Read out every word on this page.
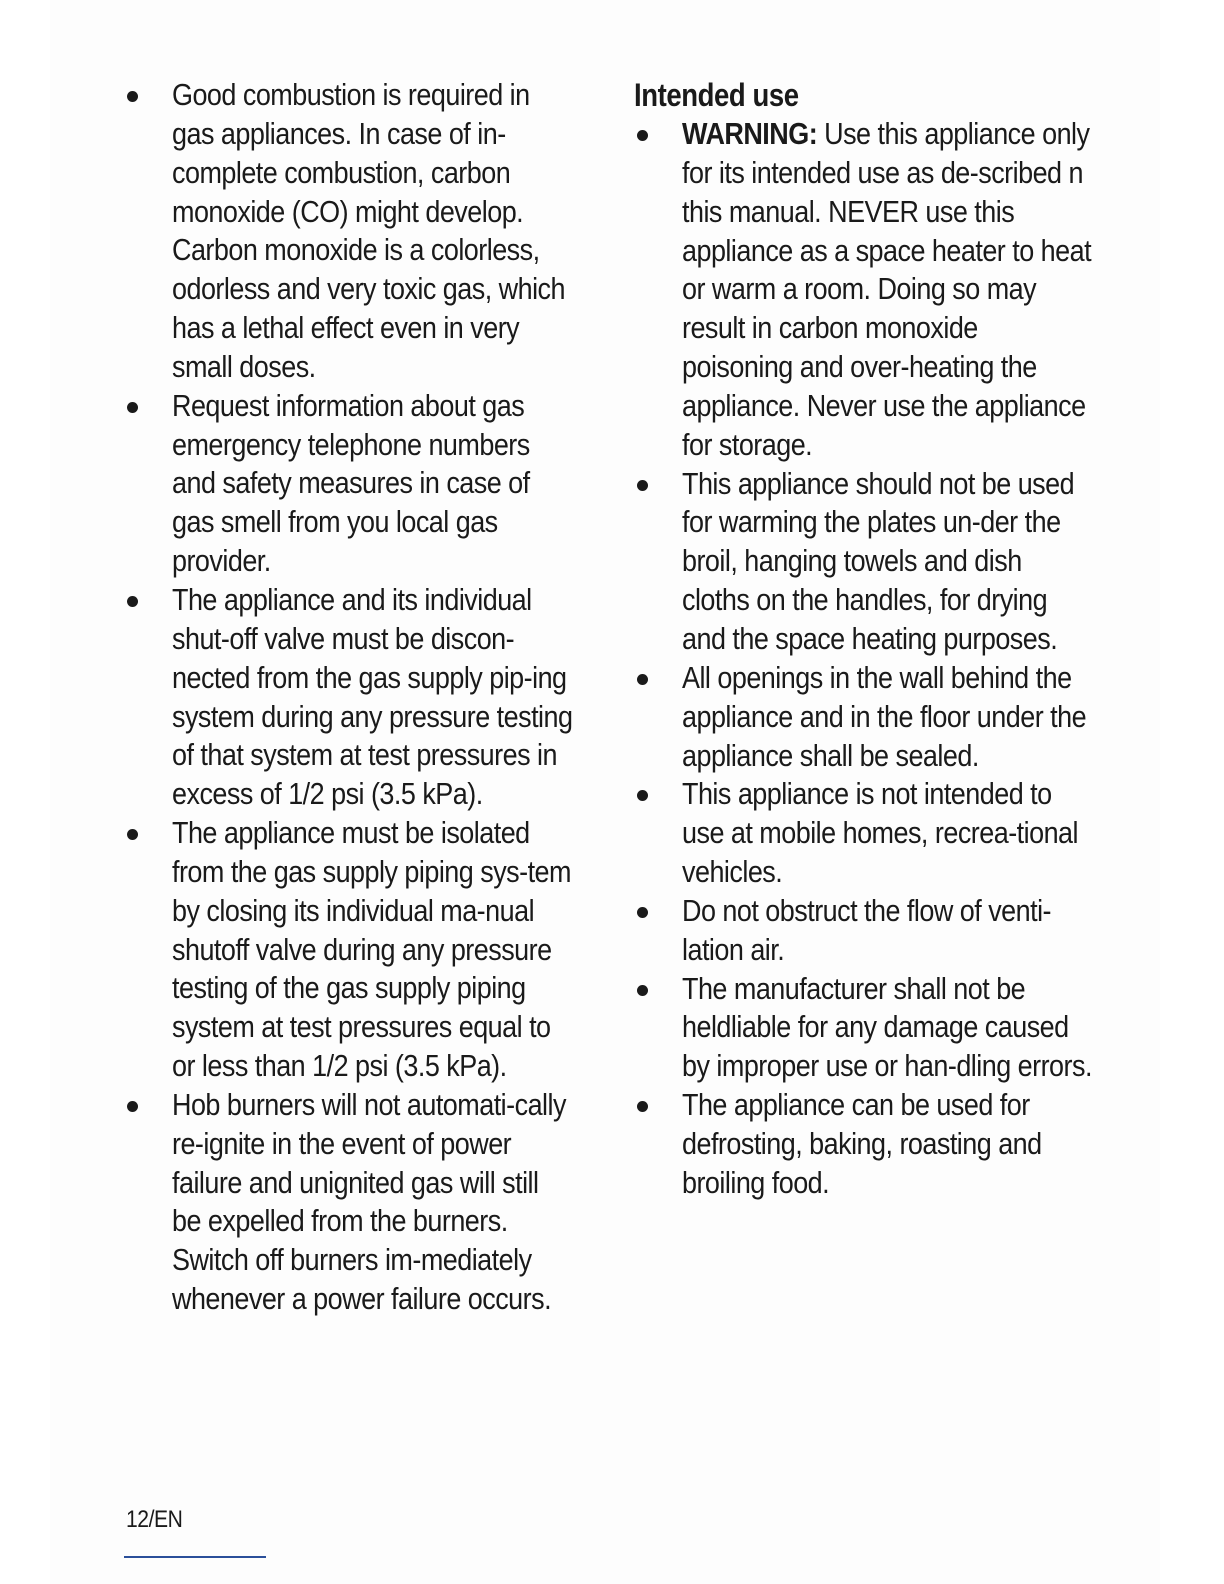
Good combustion is required in gas appliances. In case of in-complete combustion, carbon monoxide (CO) might develop. Carbon monoxide is a colorless, odorless and very toxic gas, which has a lethal effect even in very small doses.
Request information about gas emergency telephone numbers and safety measures in case of gas smell from you local gas provider.
The appliance and its individual shut-off valve must be discon-nected from the gas supply pip-ing system during any pressure testing of that system at test pressures in excess of 1/2 psi (3.5 kPa).
The appliance must be isolated from the gas supply piping sys-tem by closing its individual ma-nual shutoff valve during any pressure testing of the gas supply piping system at test pressures equal to or less than 1/2 psi (3.5 kPa).
Hob burners will not automati-cally re-ignite in the event of power failure and unignited gas will still be expelled from the burners. Switch off burners im-mediately whenever a power failure occurs.
Intended use
WARNING: Use this appliance only for its intended use as de-scribed n this manual. NEVER use this appliance as a space heater to heat or warm a room. Doing so may result in carbon monoxide poisoning and over-heating the appliance. Never use the appliance for storage.
This appliance should not be used for warming the plates un-der the broil, hanging towels and dish cloths on the handles, for drying and the space heating purposes.
All openings in the wall behind the appliance and in the floor under the appliance shall be sealed.
This appliance is not intended to use at mobile homes, recrea-tional vehicles.
Do not obstruct the flow of venti-lation air.
The manufacturer shall not be heldliable for any damage caused by improper use or han-dling errors.
The appliance can be used for defrosting, baking, roasting and broiling food.
12/EN
